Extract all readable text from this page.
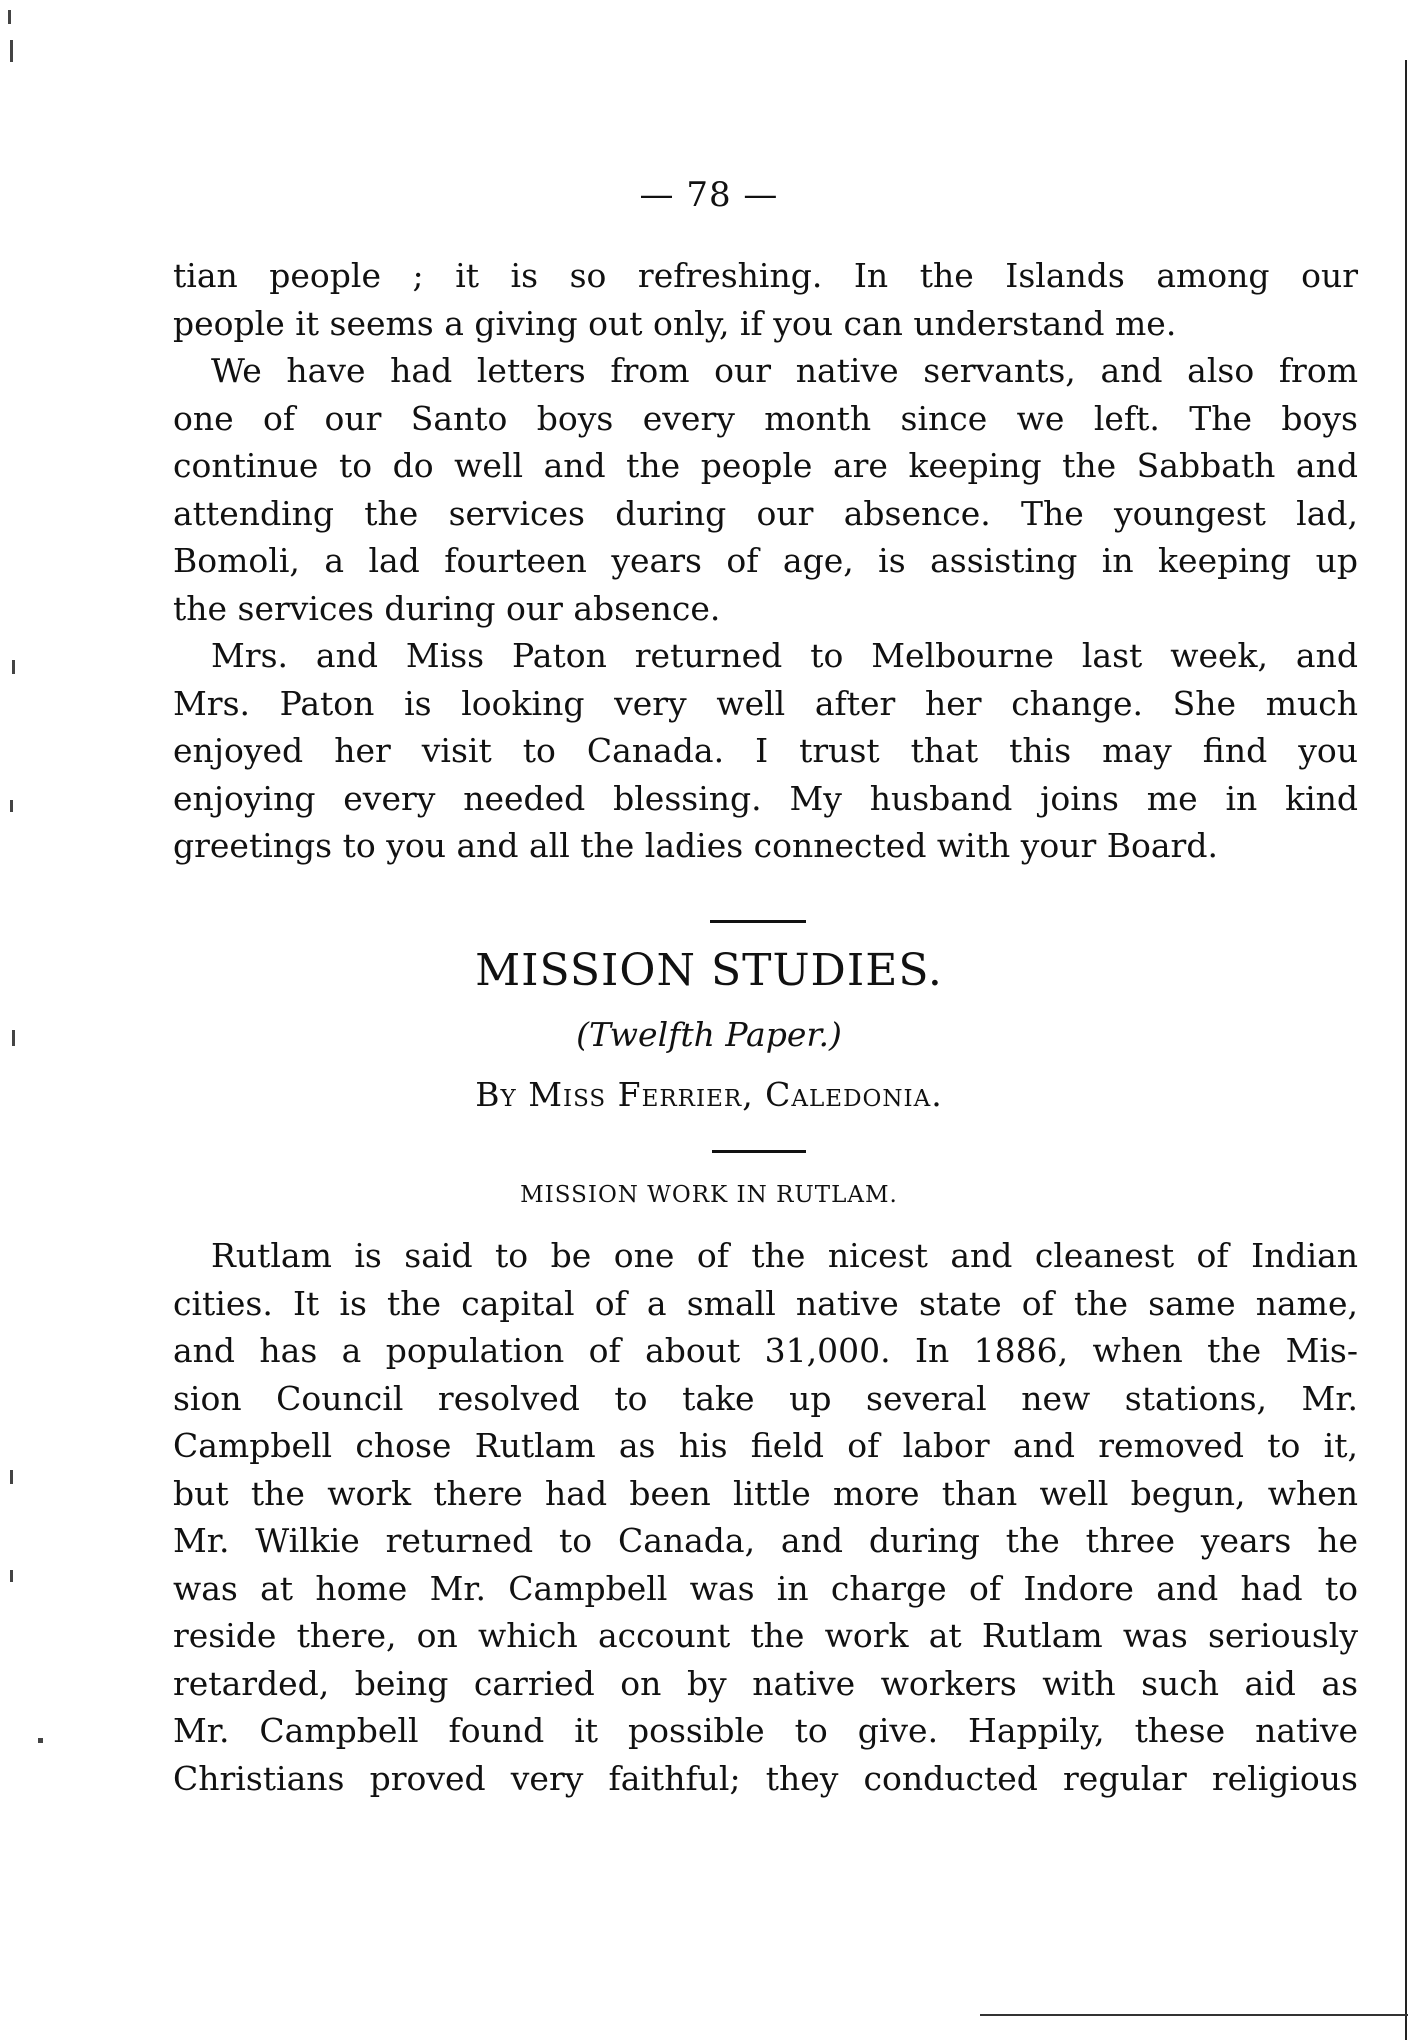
— 78 —
tian people ; it is so refreshing. In the Islands among our
people it seems a giving out only, if you can understand me.
We have had letters from our native servants, and also from
one of our Santo boys every month since we left. The boys
continue to do well and the people are keeping the Sabbath and
attending the services during our absence. The youngest lad,
Bomoli, a lad fourteen years of age, is assisting in keeping up
the services during our absence.
Mrs. and Miss Paton returned to Melbourne last week, and
Mrs. Paton is looking very well after her change. She much
enjoyed her visit to Canada. I trust that this may find you
enjoying every needed blessing. My husband joins me in kind
greetings to you and all the ladies connected with your Board.
MISSION STUDIES.
(Twelfth Paper.)
By Miss Ferrier, Caledonia.
MISSION WORK IN RUTLAM.
Rutlam is said to be one of the nicest and cleanest of Indian
cities. It is the capital of a small native state of the same name,
and has a population of about 31,000. In 1886, when the Mis-
sion Council resolved to take up several new stations, Mr.
Campbell chose Rutlam as his field of labor and removed to it,
but the work there had been little more than well begun, when
Mr. Wilkie returned to Canada, and during the three years he
was at home Mr. Campbell was in charge of Indore and had to
reside there, on which account the work at Rutlam was seriously
retarded, being carried on by native workers with such aid as
Mr. Campbell found it possible to give. Happily, these native
Christians proved very faithful; they conducted regular religious
